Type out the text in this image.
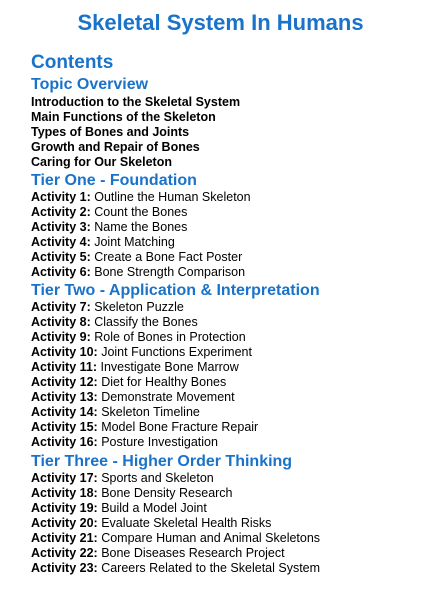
Skeletal System In Humans
Contents
Topic Overview
Introduction to the Skeletal System
Main Functions of the Skeleton
Types of Bones and Joints
Growth and Repair of Bones
Caring for Our Skeleton
Tier One - Foundation
Activity 1: Outline the Human Skeleton
Activity 2: Count the Bones
Activity 3: Name the Bones
Activity 4: Joint Matching
Activity 5: Create a Bone Fact Poster
Activity 6: Bone Strength Comparison
Tier Two - Application & Interpretation
Activity 7: Skeleton Puzzle
Activity 8: Classify the Bones
Activity 9: Role of Bones in Protection
Activity 10: Joint Functions Experiment
Activity 11: Investigate Bone Marrow
Activity 12: Diet for Healthy Bones
Activity 13: Demonstrate Movement
Activity 14: Skeleton Timeline
Activity 15: Model Bone Fracture Repair
Activity 16: Posture Investigation
Tier Three - Higher Order Thinking
Activity 17: Sports and Skeleton
Activity 18: Bone Density Research
Activity 19: Build a Model Joint
Activity 20: Evaluate Skeletal Health Risks
Activity 21: Compare Human and Animal Skeletons
Activity 22: Bone Diseases Research Project
Activity 23: Careers Related to the Skeletal System
